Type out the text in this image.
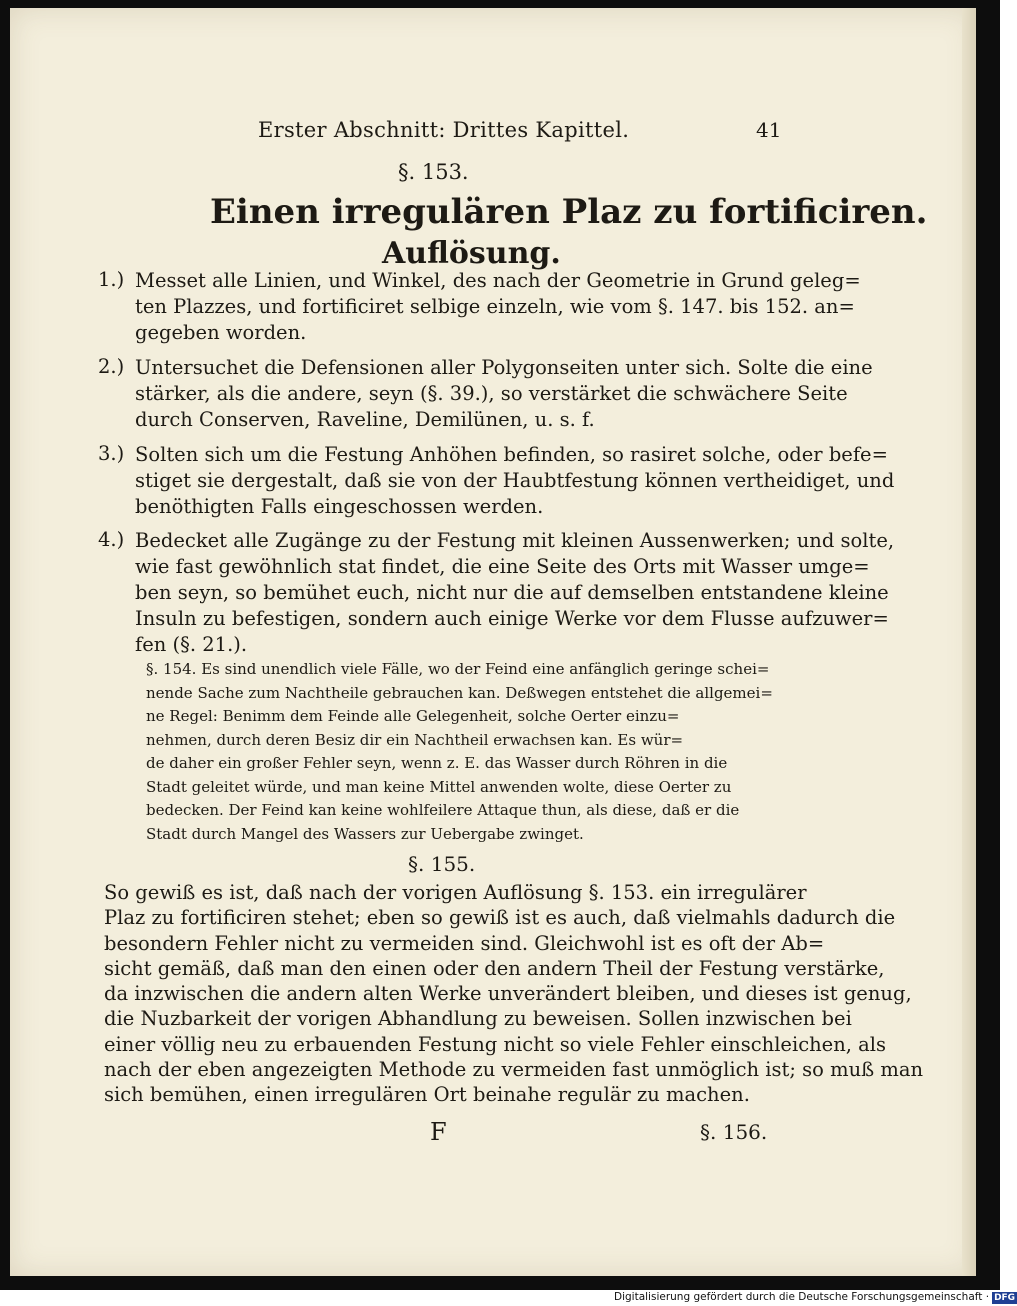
Erster Abschnitt: Drittes Kapittel.	41
§. 153.
Einen irregulären Plaz zu fortificiren.
Auflösung.
1.) Messet alle Linien, und Winkel, des nach der Geometrie in Grund geleg=
ten Plazzes, und fortificiret selbige einzeln, wie vom §. 147. bis 152. an=
gegeben worden.
2.) Untersuchet die Defensionen aller Polygonseiten unter sich. Solte die eine
stärker, als die andere, seyn (§. 39.), so verstärket die schwächere Seite
durch Conserven, Raveline, Demilünen, u. s. f.
3.) Solten sich um die Festung Anhöhen befinden, so rasiret solche, oder befe=
stiget sie dergestalt, daß sie von der Haubtfestung können vertheidiget, und
benöthigten Falls eingeschossen werden.
4.) Bedecket alle Zugänge zu der Festung mit kleinen Aussenwerken; und solte,
wie fast gewöhnlich stat findet, die eine Seite des Orts mit Wasser umge=
ben seyn, so bemühet euch, nicht nur die auf demselben entstandene kleine
Insuln zu befestigen, sondern auch einige Werke vor dem Flusse aufzuwer=
fen (§. 21.).
§. 154. Es sind unendlich viele Fälle, wo der Feind eine anfänglich geringe schei=
nende Sache zum Nachtheile gebrauchen kan. Deßwegen entstehet die allgemei=
ne Regel: Benimm dem Feinde alle Gelegenheit, solche Oerter einzu=
nehmen, durch deren Besiz dir ein Nachtheil erwachsen kan. Es wür=
de daher ein großer Fehler seyn, wenn z. E. das Wasser durch Röhren in die
Stadt geleitet würde, und man keine Mittel anwenden wolte, diese Oerter zu
bedecken. Der Feind kan keine wohlfeilere Attaque thun, als diese, daß er die
Stadt durch Mangel des Wassers zur Uebergabe zwinget.
§. 155.
So gewiß es ist, daß nach der vorigen Auflösung §. 153. ein irregulärer
Plaz zu fortificiren stehet; eben so gewiß ist es auch, daß vielmahls dadurch die
besondern Fehler nicht zu vermeiden sind. Gleichwohl ist es oft der Ab=
sicht gemäß, daß man den einen oder den andern Theil der Festung verstärke,
da inzwischen die andern alten Werke unverändert bleiben, und dieses ist genug,
die Nuzbarkeit der vorigen Abhandlung zu beweisen. Sollen inzwischen bei
einer völlig neu zu erbauenden Festung nicht so viele Fehler einschleichen, als
nach der eben angezeigten Methode zu vermeiden fast unmöglich ist; so muß man
sich bemühen, einen irregulären Ort beinahe regulär zu machen.
F	§. 156.
Digitalisierung gefördert durch die Deutsche Forschungsgemeinschaft · DFG
